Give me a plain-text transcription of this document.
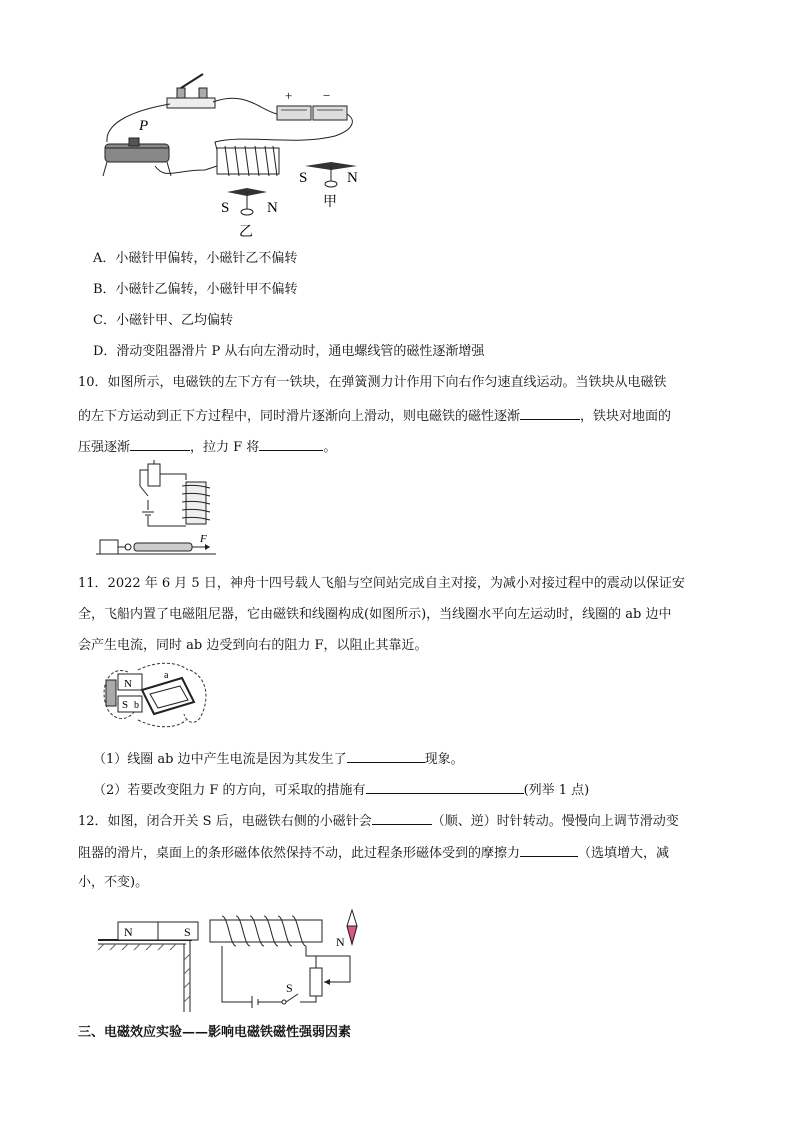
+ −
P
S	N
甲
S	N
乙
A．小磁针甲偏转，小磁针乙不偏转
B．小磁针乙偏转，小磁针甲不偏转
C．小磁针甲、乙均偏转
D．滑动变阻器滑片 P 从右向左滑动时，通电螺线管的磁性逐渐增强
10．如图所示，电磁铁的左下方有一铁块，在弹簧测力计作用下向右作匀速直线运动。当铁块从电磁铁
的左下方运动到正下方过程中，同时滑片逐渐向上滑动，则电磁铁的磁性逐渐	，铁块对地面的
压强逐渐	，拉力 F 将	。
F
11．2022 年 6 月 5 日，神舟十四号载人飞船与空间站完成自主对接，为减小对接过程中的震动以保证安
全，飞船内置了电磁阻尼器，它由磁铁和线圈构成(如图所示)，当线圈水平向左运动时，线圈的 ab 边中
会产生电流，同时 ab 边受到向右的阻力 F，以阻止其靠近。
N
S
a
b
（1）线圈 ab 边中产生电流是因为其发生了	现象。
（2）若要改变阻力 F 的方向，可采取的措施有	(列举 1 点)
12．如图，闭合开关 S 后，电磁铁右侧的小磁针会	（顺、逆）时针转动。慢慢向上调节滑动变
阻器的滑片，桌面上的条形磁体依然保持不动，此过程条形磁体受到的摩擦力	（选填增大，减
小，不变)。
N	S
N
S
三、电磁效应实验——影响电磁铁磁性强弱因素
